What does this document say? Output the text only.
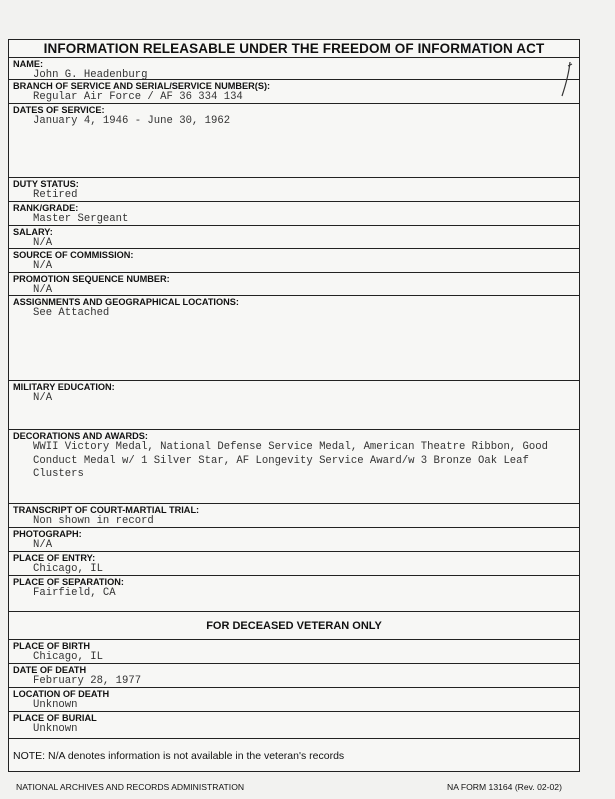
INFORMATION RELEASABLE UNDER THE FREEDOM OF INFORMATION ACT
NAME:
John G. Headenburg
BRANCH OF SERVICE AND SERIAL/SERVICE NUMBER(S):
Regular Air Force / AF 36 334 134
DATES OF SERVICE:
January 4, 1946 - June 30, 1962
DUTY STATUS:
Retired
RANK/GRADE:
Master Sergeant
SALARY:
N/A
SOURCE OF COMMISSION:
N/A
PROMOTION SEQUENCE NUMBER:
N/A
ASSIGNMENTS AND GEOGRAPHICAL LOCATIONS:
See Attached
MILITARY EDUCATION:
N/A
DECORATIONS AND AWARDS:
WWII Victory Medal, National Defense Service Medal, American Theatre Ribbon, Good Conduct Medal w/ 1 Silver Star, AF Longevity Service Award/w 3 Bronze Oak Leaf Clusters
TRANSCRIPT OF COURT-MARTIAL TRIAL:
Non shown in record
PHOTOGRAPH:
N/A
PLACE OF ENTRY:
Chicago, IL
PLACE OF SEPARATION:
Fairfield, CA
FOR DECEASED VETERAN ONLY
PLACE OF BIRTH
Chicago, IL
DATE OF DEATH
February 28, 1977
LOCATION OF DEATH
Unknown
PLACE OF BURIAL
Unknown
NOTE: N/A denotes information is not available in the veteran's records
NATIONAL ARCHIVES AND RECORDS ADMINISTRATION	NA FORM 13164 (Rev. 02-02)
